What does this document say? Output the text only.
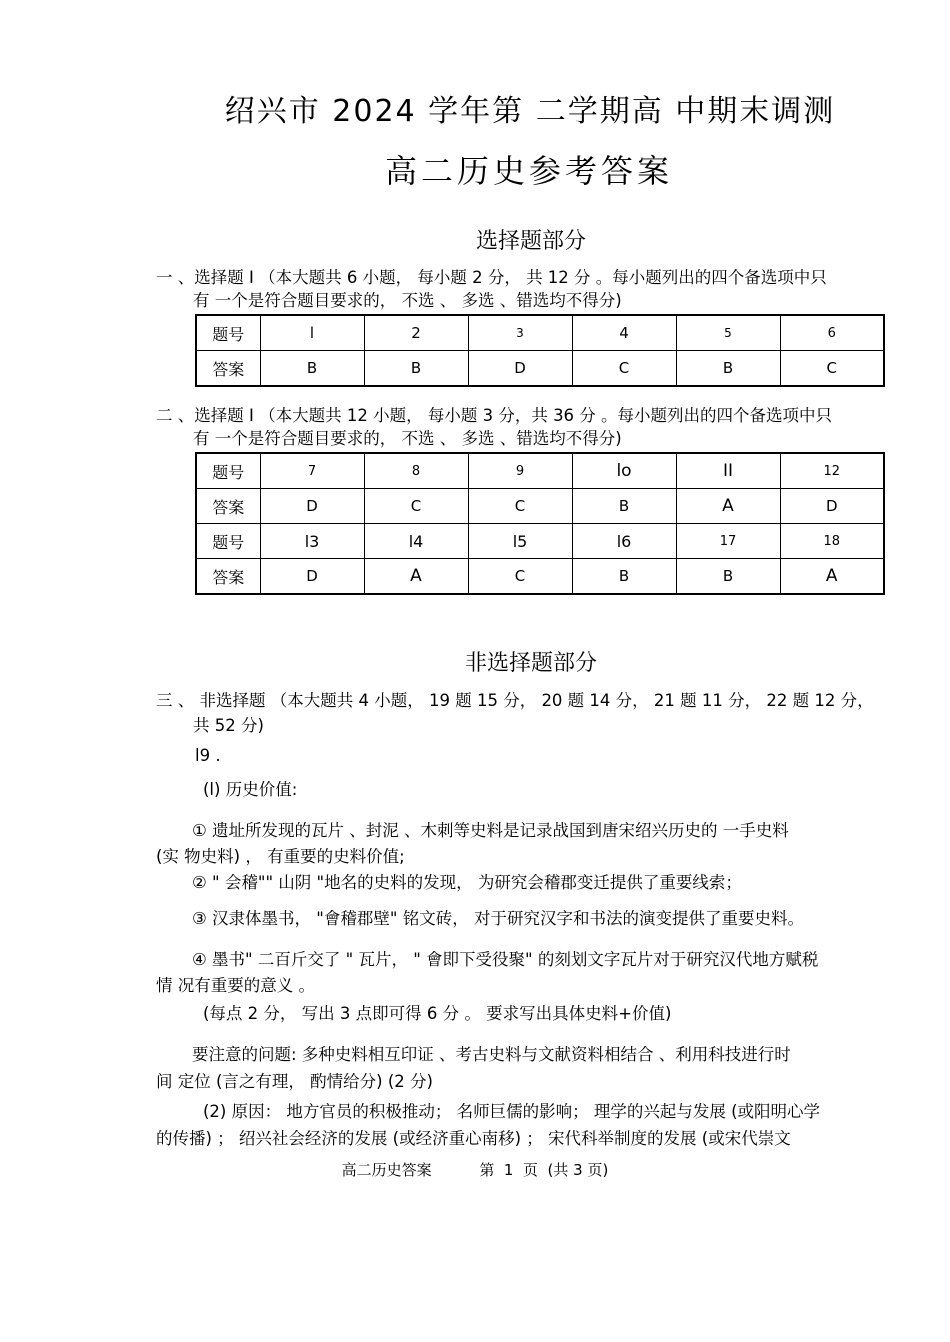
绍兴市 2024 学年第 二学期高 中期末调测
高二历史参考答案
选择题部分
一 、选择题 I （本大题共 6 小题， 每小题 2 分， 共 12 分 。每小题列出的四个备选项中只
有 一个是符合题目要求的， 不选 、 多选 、错选均不得分)
题号	l	2	3	4	5	6
答案	B	B	D	C	B	C
二 、选择题 I （本大题共 12 小题， 每小题 3 分，共 36 分 。每小题列出的四个备选项中只
有 一个是符合题目要求的， 不选 、 多选 、错选均不得分)
题号	7	8	9	lo	II	12
答案	D	C	C	B	A	D
题号	l3	l4	l5	l6	17	18
答案	D	A	C	B	B	A
非选择题部分
三 、 非选择题 （本大题共 4 小题， 19 题 15 分， 20 题 14 分， 21 题 11 分， 22 题 12 分，
共 52 分)
l9 .
(l) 历史价值:
① 遗址所发现的瓦片 、封泥 、木刺等史料是记录战国到唐宋绍兴历史的 一手史料
(实 物史料) ， 有重要的史料价值;
② " 会稽"" 山阴 "地名的史料的发现， 为研究会稽郡变迁提供了重要线索；
③ 汉隶体墨书， "會稽郡壁" 铭文砖， 对于研究汉字和书法的演变提供了重要史料。
④ 墨书" 二百斤交了 " 瓦片， " 會即下受役聚" 的刻划文字瓦片对于研究汉代地方赋税
情 况有重要的意义 。
(每点 2 分， 写出 3 点即可得 6 分 。 要求写出具体史料+价值)
要注意的问题: 多种史料相互印证 、考古史料与文献资料相结合 、利用科技进行时
间 定位 (言之有理， 酌情给分) (2 分)
(2) 原因： 地方官员的积极推动； 名师巨儒的影响； 理学的兴起与发展 (或阳明心学
的传播) ； 绍兴社会经济的发展 (或经济重心南移) ； 宋代科举制度的发展 (或宋代崇文
高二历史答案	第  1  页  (共 3 页)
